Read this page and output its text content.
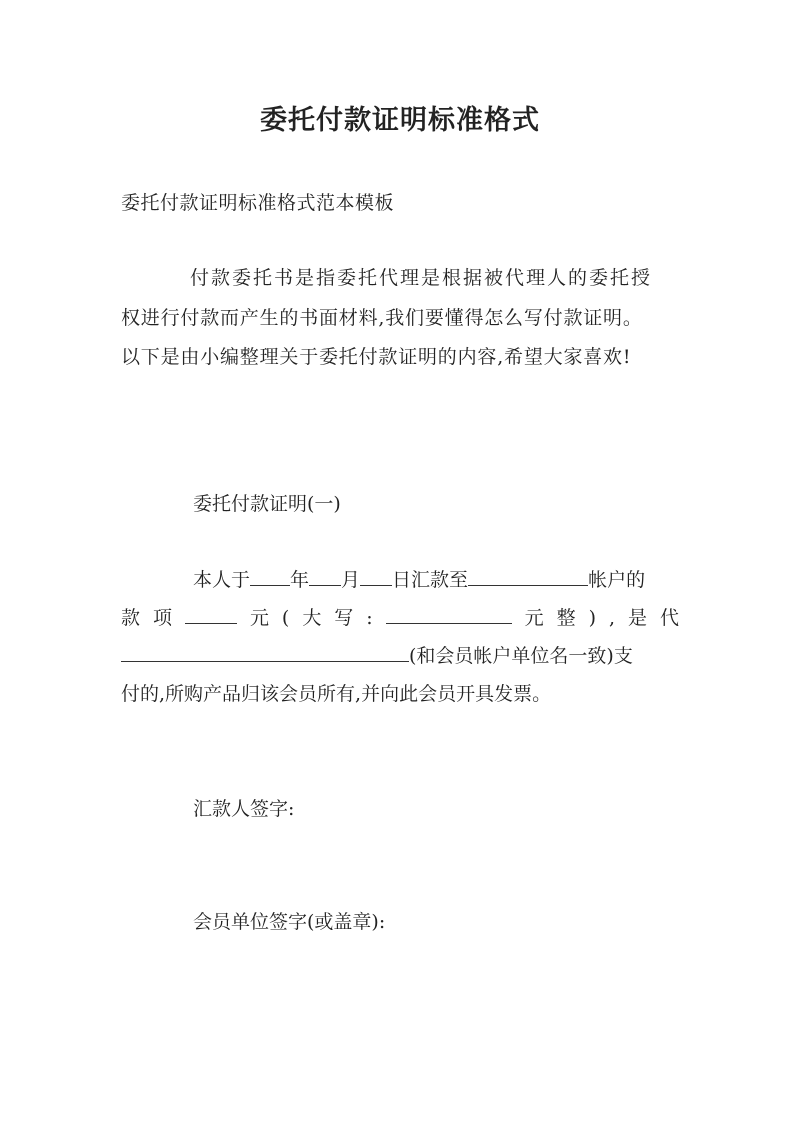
委托付款证明标准格式

委托付款证明标准格式范本模板

付款委托书是指委托代理是根据被代理人的委托授

权进行付款而产生的书面材料,我们要懂得怎么写付款证明。

以下是由小编整理关于委托付款证明的内容,希望大家喜欢!

委托付款证明(一)

本人于 年 月 日汇款至	帐户的

款 项	元 ( 大 写 :	元 整 ) , 是 代

(和会员帐户单位名一致)支

付的,所购产品归该会员所有,并向此会员开具发票。

汇款人签字:

会员单位签字(或盖章):
